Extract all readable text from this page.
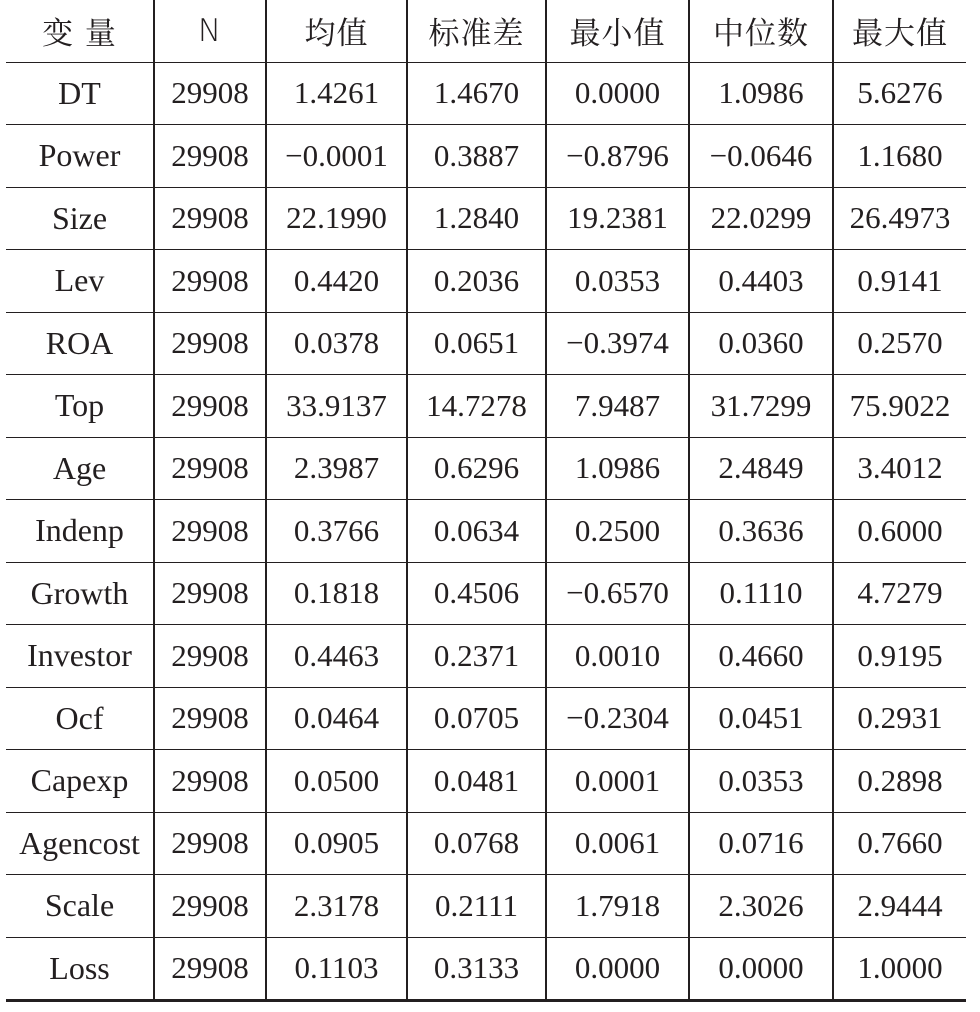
变 量	N	均值	标准差	最小值	中位数	最大值
DT	29908	1.4261	1.4670	0.0000	1.0986	5.6276
Power	29908	−0.0001	0.3887	−0.8796	−0.0646	1.1680
Size	29908	22.1990	1.2840	19.2381	22.0299	26.4973
Lev	29908	0.4420	0.2036	0.0353	0.4403	0.9141
ROA	29908	0.0378	0.0651	−0.3974	0.0360	0.2570
Top	29908	33.9137	14.7278	7.9487	31.7299	75.9022
Age	29908	2.3987	0.6296	1.0986	2.4849	3.4012
Indenp	29908	0.3766	0.0634	0.2500	0.3636	0.6000
Growth	29908	0.1818	0.4506	−0.6570	0.1110	4.7279
Investor	29908	0.4463	0.2371	0.0010	0.4660	0.9195
Ocf	29908	0.0464	0.0705	−0.2304	0.0451	0.2931
Capexp	29908	0.0500	0.0481	0.0001	0.0353	0.2898
Agencost	29908	0.0905	0.0768	0.0061	0.0716	0.7660
Scale	29908	2.3178	0.2111	1.7918	2.3026	2.9444
Loss	29908	0.1103	0.3133	0.0000	0.0000	1.0000
